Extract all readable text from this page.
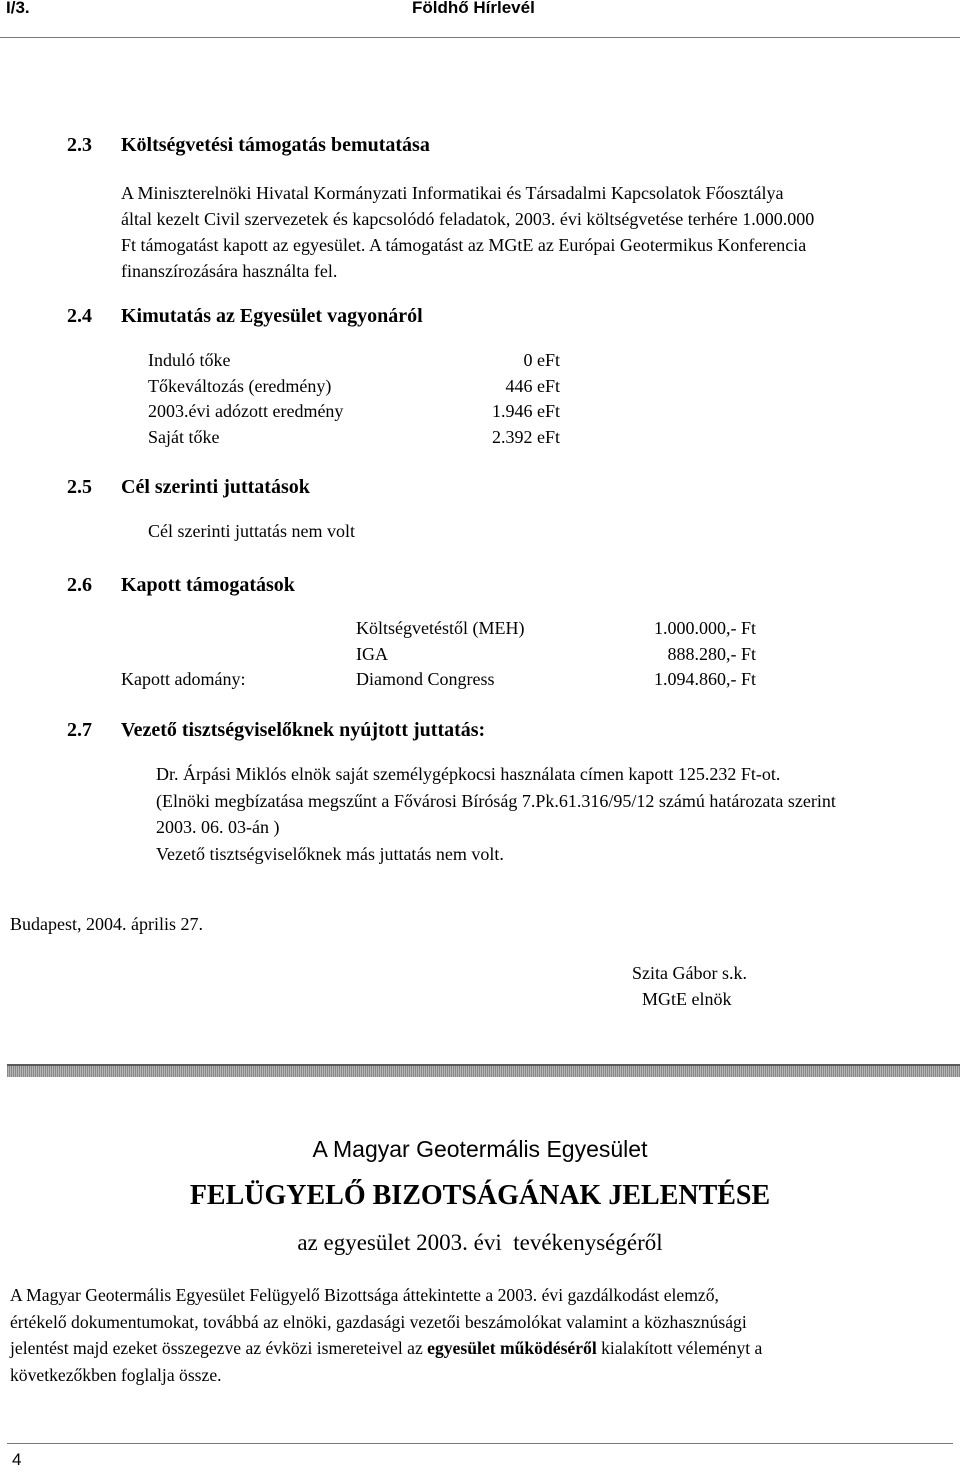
I/3.	Földhő Hírlevél
2.3 Költségvetési támogatás bemutatása
A Miniszterelnöki Hivatal Kormányzati Informatikai és Társadalmi Kapcsolatok Főosztálya
által kezelt Civil szervezetek és kapcsolódó feladatok, 2003. évi költségvetése terhére 1.000.000
Ft támogatást kapott az egyesület. A támogatást az MGtE az Európai Geotermikus Konferencia
finanszírozására használta fel.
2.4 Kimutatás az Egyesület vagyonáról
Induló tőke
Tőkeváltozás (eredmény)
2003.évi adózott eredmény
Saját tőke
0 eFt
446 eFt
1.946 eFt
2.392 eFt
2.5 Cél szerinti juttatások
Cél szerinti juttatás nem volt
2.6 Kapott támogatások
Kapott adomány:
Költségvetéstől (MEH)
IGA
Diamond Congress
1.000.000,- Ft
888.280,- Ft
1.094.860,- Ft
2.7 Vezető tisztségviselőknek nyújtott juttatás:
Dr. Árpási Miklós elnök saját személygépkocsi használata címen kapott 125.232 Ft-ot.
(Elnöki megbízatása megszűnt a Fővárosi Bíróság 7.Pk.61.316/95/12 számú határozata szerint
2003. 06. 03-án )
Vezető tisztségviselőknek más juttatás nem volt.
Budapest, 2004. április 27.
Szita Gábor s.k.
MGtE elnök
A Magyar Geotermális Egyesület
FELÜGYELŐ BIZOTSÁGÁNAK JELENTÉSE
az egyesület 2003. évi  tevékenységéről
A Magyar Geotermális Egyesület Felügyelő Bizottsága áttekintette a 2003. évi gazdálkodást elemző,
értékelő dokumentumokat, továbbá az elnöki, gazdasági vezetői beszámolókat valamint a közhasznúsági
jelentést majd ezeket összegezve az évközi ismereteivel az egyesület működéséről kialakított véleményt a
következőkben foglalja össze.
4
